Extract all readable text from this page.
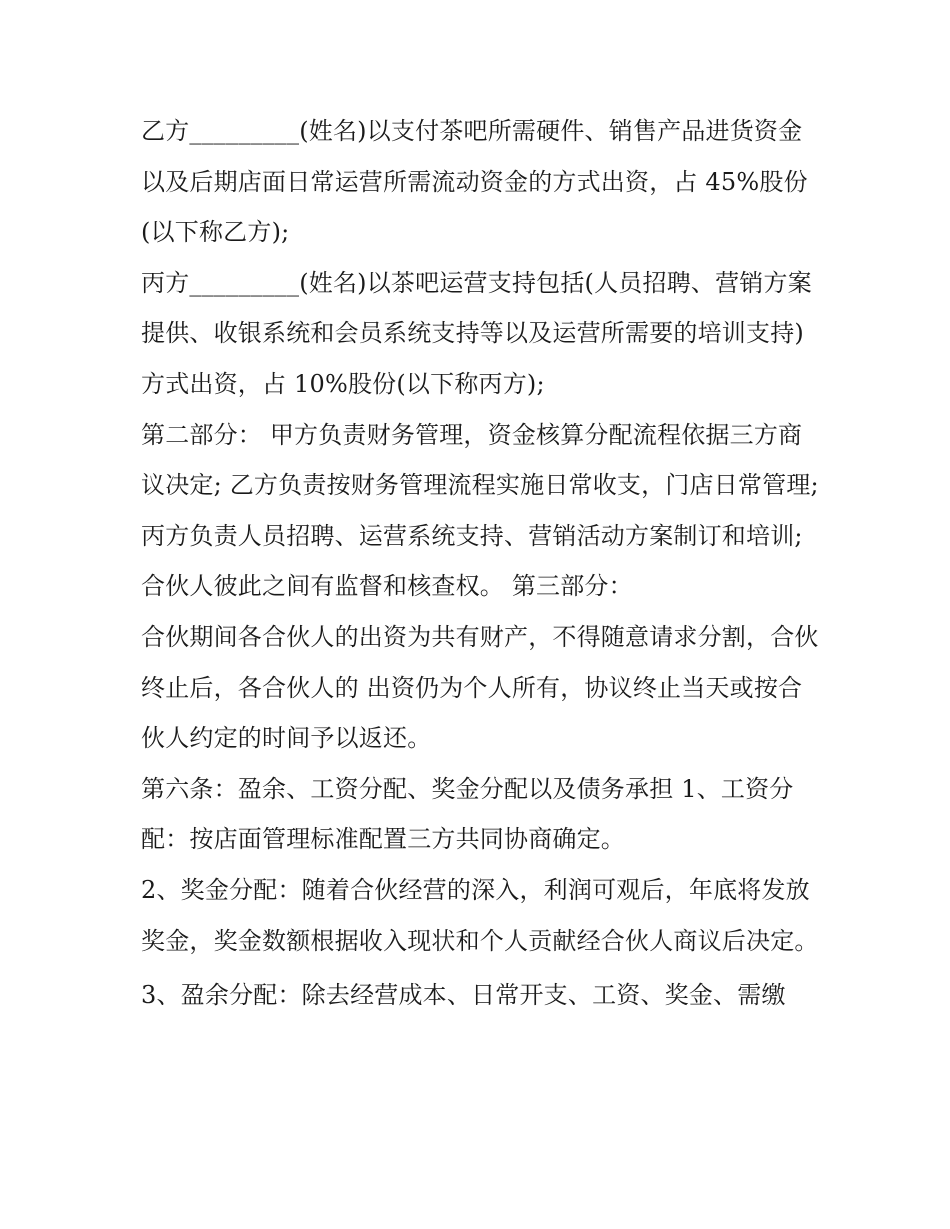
乙方_________(姓名)以支付茶吧所需硬件、销售产品进货资金以及后期店面日常运营所需流动资金的方式出资，占 45%股份(以下称乙方);

丙方_________(姓名)以茶吧运营支持包括(人员招聘、营销方案提供、收银系统和会员系统支持等以及运营所需要的培训支持)方式出资，占 10%股份(以下称丙方);

第二部分： 甲方负责财务管理，资金核算分配流程依据三方商议决定; 乙方负责按财务管理流程实施日常收支，门店日常管理;

丙方负责人员招聘、运营系统支持、营销活动方案制订和培训; 合伙人彼此之间有监督和核查权。 第三部分：

合伙期间各合伙人的出资为共有财产，不得随意请求分割，合伙终止后，各合伙人的 出资仍为个人所有，协议终止当天或按合伙人约定的时间予以返还。

第六条：盈余、工资分配、奖金分配以及债务承担 1、工资分配：按店面管理标准配置三方共同协商确定。

2、奖金分配：随着合伙经营的深入，利润可观后，年底将发放奖金，奖金数额根据收入现状和个人贡献经合伙人商议后决定。

3、盈余分配：除去经营成本、日常开支、工资、奖金、需缴
